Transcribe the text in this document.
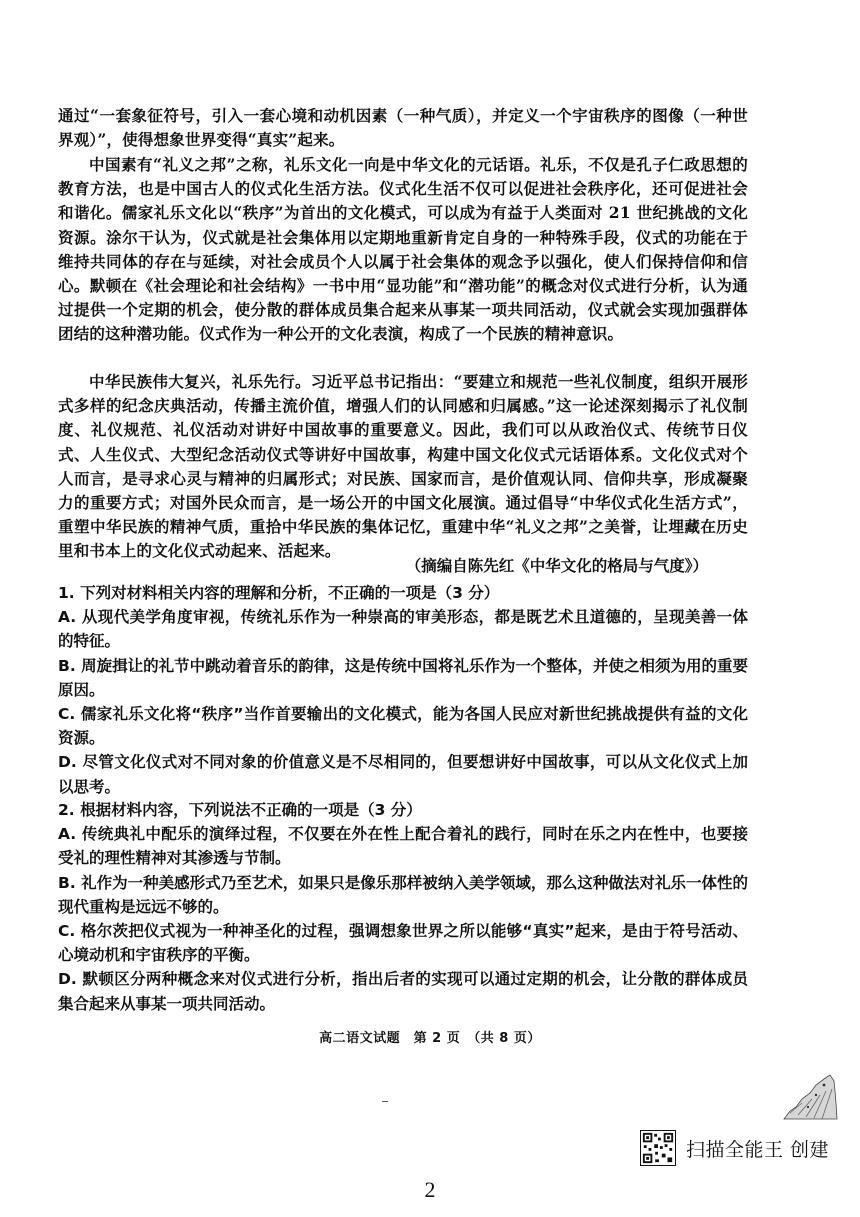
通过“一套象征符号，引入一套心境和动机因素（一种气质），并定义一个宇宙秩序的图像（一种世界观）”，使得想象世界变得“真实”起来。

中国素有“礼义之邦”之称，礼乐文化一向是中华文化的元话语。礼乐，不仅是孔子仁政思想的教育方法，也是中国古人的仪式化生活方法。仪式化生活不仅可以促进社会秩序化，还可促进社会和谐化。儒家礼乐文化以“秩序”为首出的文化模式，可以成为有益于人类面对 21 世纪挑战的文化资源。涂尔干认为，仪式就是社会集体用以定期地重新肯定自身的一种特殊手段，仪式的功能在于维持共同体的存在与延续，对社会成员个人以属于社会集体的观念予以强化，使人们保持信仰和信心。默顿在《社会理论和社会结构》一书中用“显功能”和“潜功能”的概念对仪式进行分析，认为通过提供一个定期的机会，使分散的群体成员集合起来从事某一项共同活动，仪式就会实现加强群体团结的这种潜功能。仪式作为一种公开的文化表演，构成了一个民族的精神意识。

中华民族伟大复兴，礼乐先行。习近平总书记指出：“要建立和规范一些礼仪制度，组织开展形式多样的纪念庆典活动，传播主流价值，增强人们的认同感和归属感。”这一论述深刻揭示了礼仪制度、礼仪规范、礼仪活动对讲好中国故事的重要意义。因此，我们可以从政治仪式、传统节日仪式、人生仪式、大型纪念活动仪式等讲好中国故事，构建中国文化仪式元话语体系。文化仪式对个人而言，是寻求心灵与精神的归属形式；对民族、国家而言，是价值观认同、信仰共享，形成凝聚力的重要方式；对国外民众而言，是一场公开的中国文化展演。通过倡导“中华仪式化生活方式”，重塑中华民族的精神气质，重拾中华民族的集体记忆，重建中华“礼义之邦”之美誉，让埋藏在历史里和书本上的文化仪式动起来、活起来。

（摘编自陈先红《中华文化的格局与气度》）

1. 下列对材料相关内容的理解和分析，不正确的一项是（3 分）
A. 从现代美学角度审视，传统礼乐作为一种崇高的审美形态，都是既艺术且道德的，呈现美善一体的特征。
B. 周旋揖让的礼节中跳动着音乐的韵律，这是传统中国将礼乐作为一个整体，并使之相须为用的重要原因。
C. 儒家礼乐文化将“秩序”当作首要输出的文化模式，能为各国人民应对新世纪挑战提供有益的文化资源。
D. 尽管文化仪式对不同对象的价值意义是不尽相同的，但要想讲好中国故事，可以从文化仪式上加以思考。
2. 根据材料内容，下列说法不正确的一项是（3 分）
A. 传统典礼中配乐的演绎过程，不仅要在外在性上配合着礼的践行，同时在乐之内在性中，也要接受礼的理性精神对其渗透与节制。
B. 礼作为一种美感形式乃至艺术，如果只是像乐那样被纳入美学领域，那么这种做法对礼乐一体性的现代重构是远远不够的。
C. 格尔茨把仪式视为一种神圣化的过程，强调想象世界之所以能够“真实”起来，是由于符号活动、心境动机和宇宙秩序的平衡。
D. 默顿区分两种概念来对仪式进行分析，指出后者的实现可以通过定期的机会，让分散的群体成员集合起来从事某一项共同活动。
高二语文试题　第 2 页　（共 8 页）
扫描全能王 创建
2
